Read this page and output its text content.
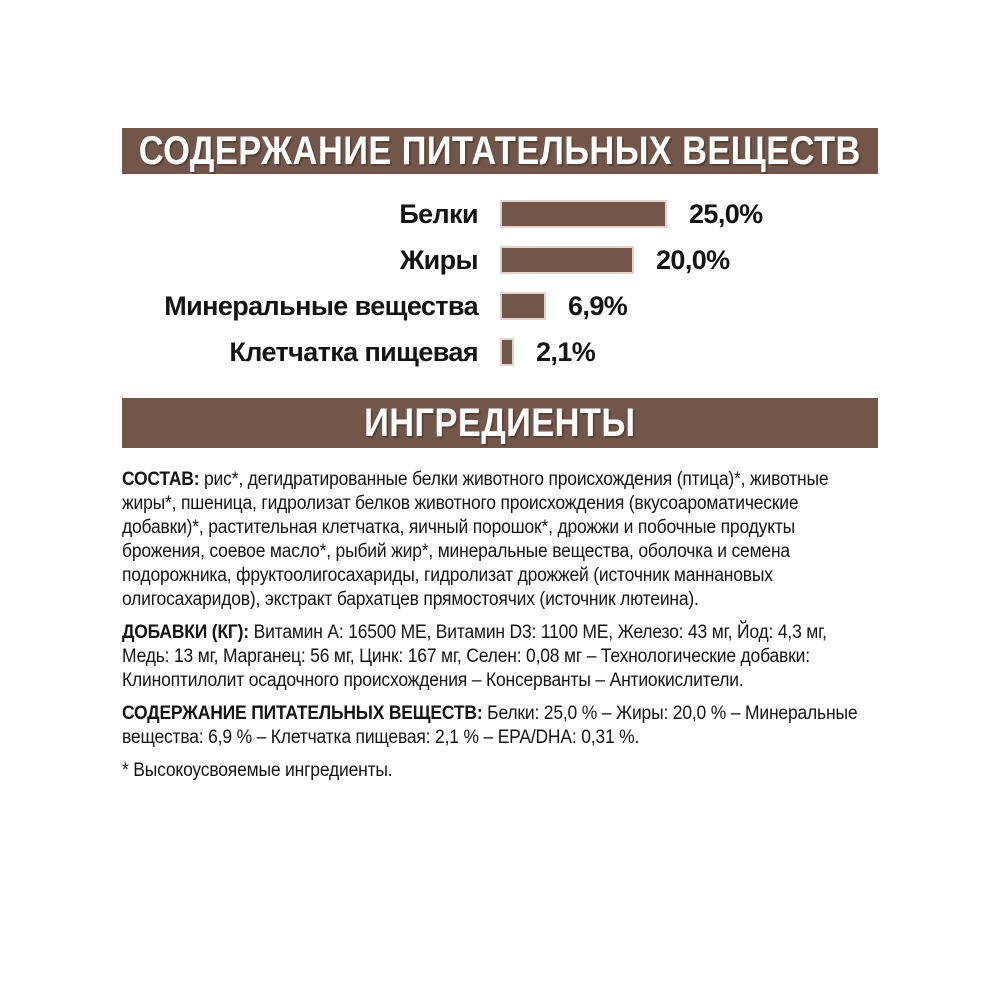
СОДЕРЖАНИЕ ПИТАТЕЛЬНЫХ ВЕЩЕСТВ
Белки	25,0%
Жиры	20,0%
Минеральные вещества	6,9%
Клетчатка пищевая	2,1%
ИНГРЕДИЕНТЫ

СОСТАВ: рис*, дегидратированные белки животного происхождения (птица)*, животные
жиры*, пшеница, гидролизат белков животного происхождения (вкусоароматические
добавки)*, растительная клетчатка, яичный порошок*, дрожжи и побочные продукты
брожения, соевое масло*, рыбий жир*, минеральные вещества, оболочка и семена
подорожника, фруктоолигосахариды, гидролизат дрожжей (источник маннановых
олигосахаридов), экстракт бархатцев прямостоячих (источник лютеина).

ДОБАВКИ (КГ): Витамин A: 16500 МЕ, Витамин D3: 1100 МЕ, Железо: 43 мг, Йод: 4,3 мг,
Медь: 13 мг, Марганец: 56 мг, Цинк: 167 мг, Селен: 0,08 мг – Технологические добавки:
Клиноптилолит осадочного происхождения – Консерванты – Антиокислители.

СОДЕРЖАНИЕ ПИТАТЕЛЬНЫХ ВЕЩЕСТВ: Белки: 25,0 % – Жиры: 20,0 % – Минеральные
вещества: 6,9 % – Клетчатка пищевая: 2,1 % – EPA/DHA: 0,31 %.

* Высокоусвояемые ингредиенты.
